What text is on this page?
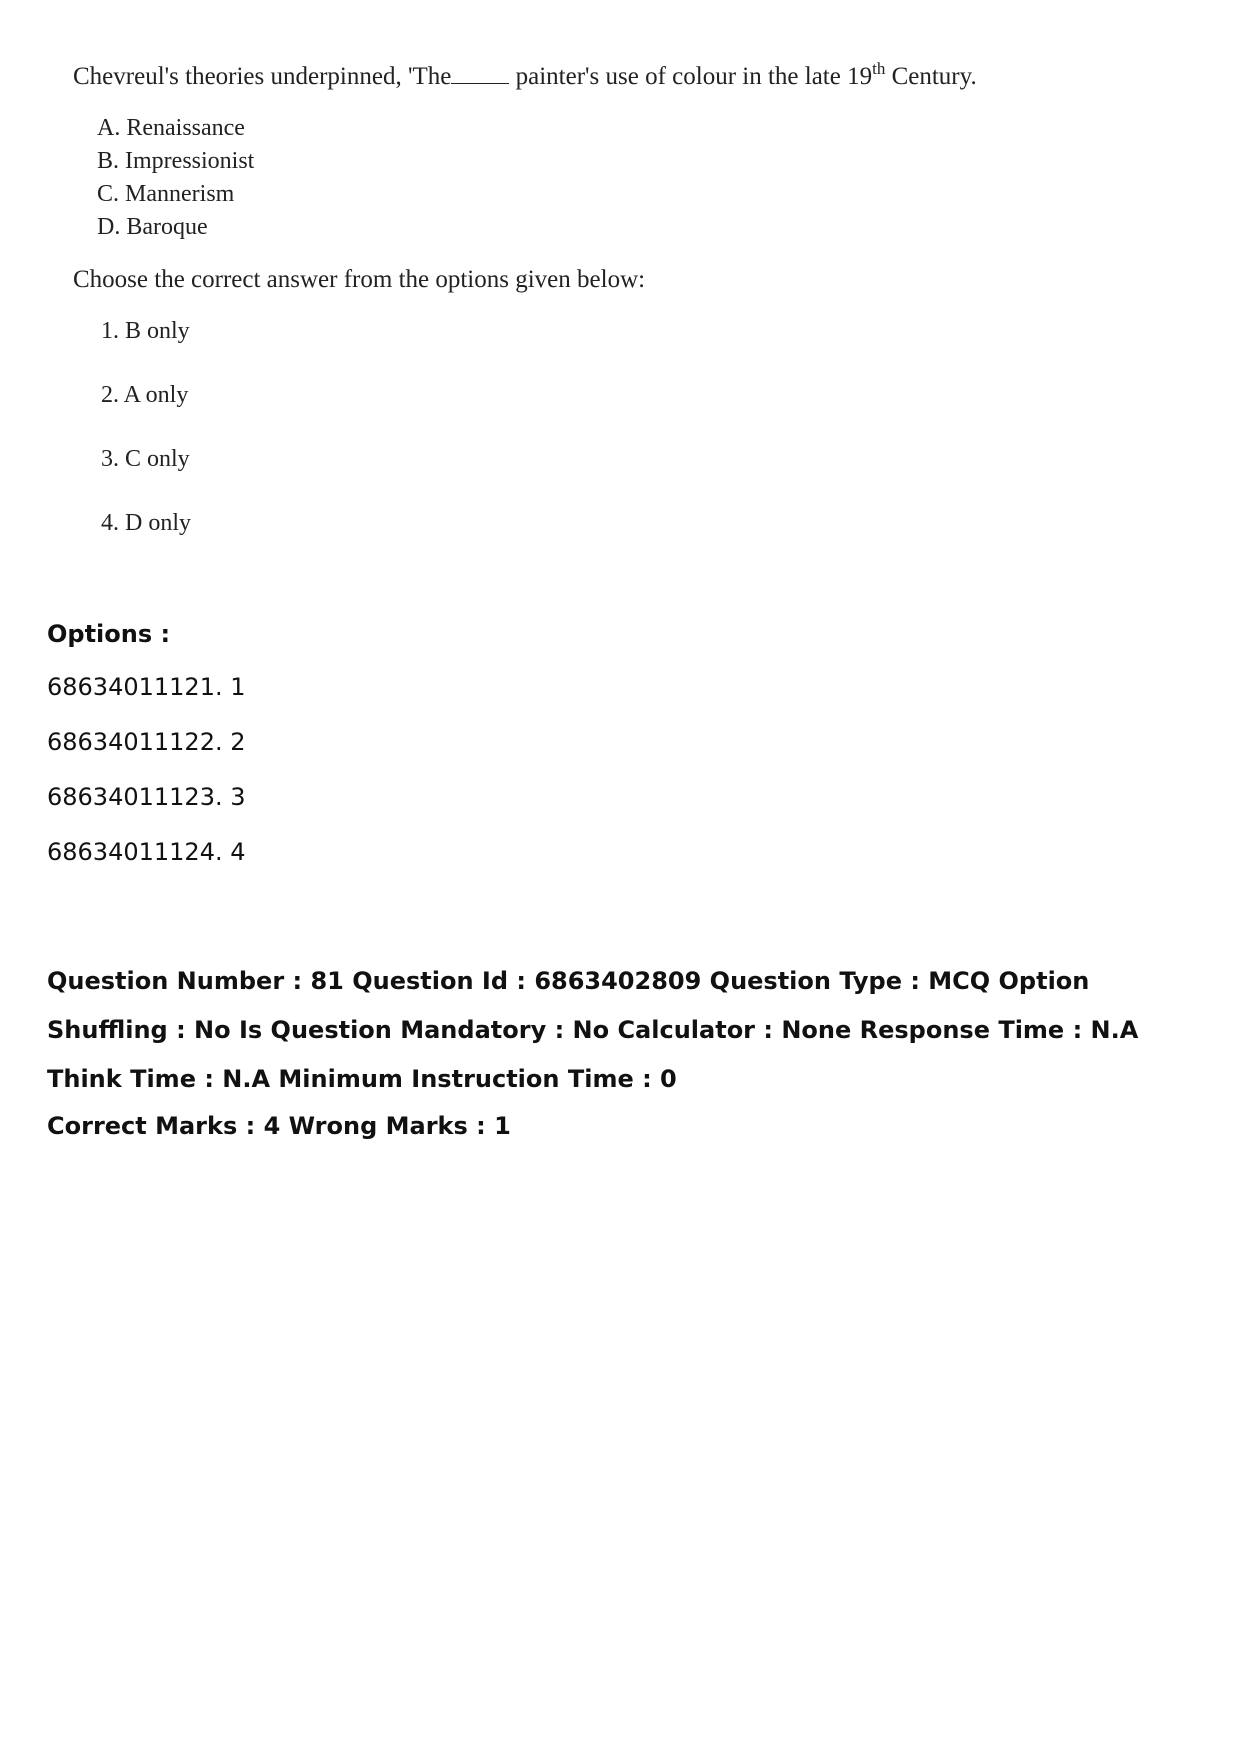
Chevreul's theories underpinned, 'The painter's use of colour in the late 19th Century.
A. Renaissance
B. Impressionist
C. Mannerism
D. Baroque
Choose the correct answer from the options given below:
1. B only
2. A only
3. C only
4. D only
Options :
68634011121. 1
68634011122. 2
68634011123. 3
68634011124. 4
Question Number : 81 Question Id : 6863402809 Question Type : MCQ Option Shuffling : No Is Question Mandatory : No Calculator : None Response Time : N.A Think Time : N.A Minimum Instruction Time : 0
Correct Marks : 4 Wrong Marks : 1
